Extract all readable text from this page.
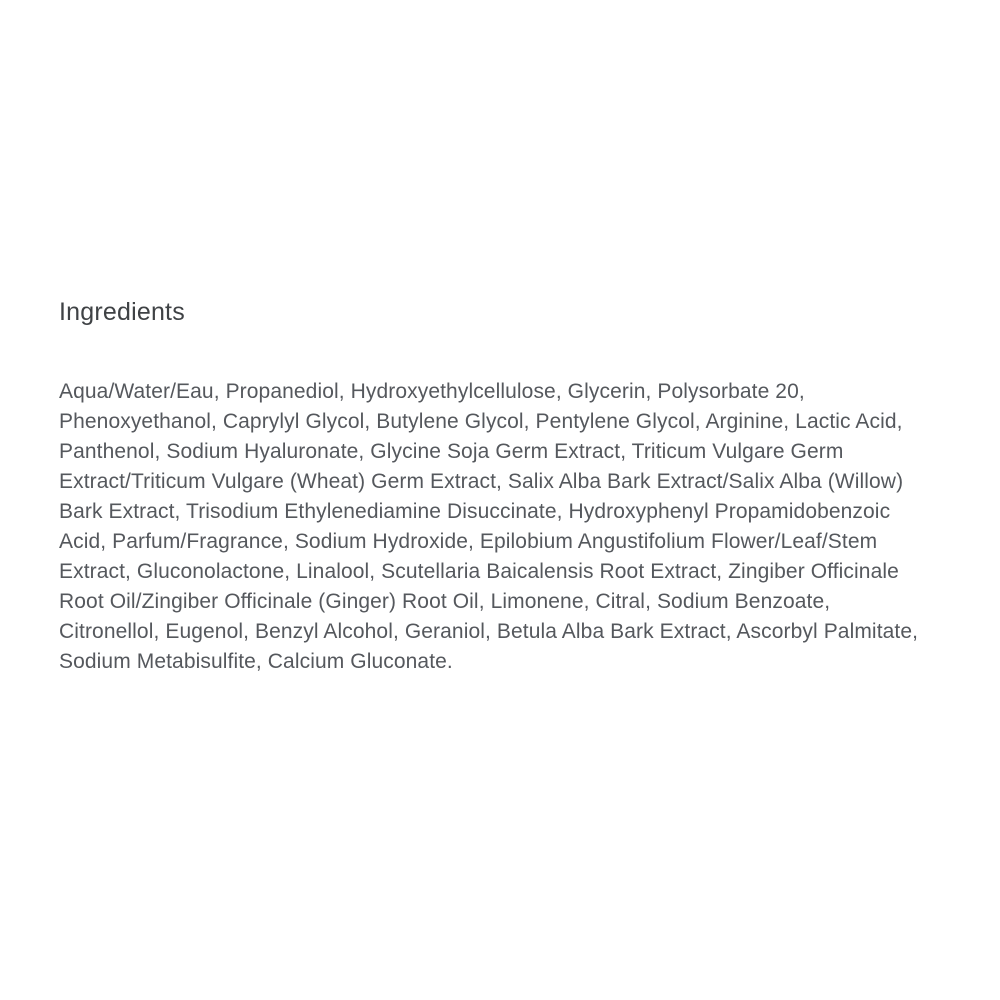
Ingredients

Aqua/Water/Eau, Propanediol, Hydroxyethylcellulose, Glycerin, Polysorbate 20, Phenoxyethanol, Caprylyl Glycol, Butylene Glycol, Pentylene Glycol, Arginine, Lactic Acid, Panthenol, Sodium Hyaluronate, Glycine Soja Germ Extract, Triticum Vulgare Germ Extract/Triticum Vulgare (Wheat) Germ Extract, Salix Alba Bark Extract/Salix Alba (Willow) Bark Extract, Trisodium Ethylenediamine Disuccinate, Hydroxyphenyl Propamidobenzoic Acid, Parfum/Fragrance, Sodium Hydroxide, Epilobium Angustifolium Flower/Leaf/Stem Extract, Gluconolactone, Linalool, Scutellaria Baicalensis Root Extract, Zingiber Officinale Root Oil/Zingiber Officinale (Ginger) Root Oil, Limonene, Citral, Sodium Benzoate, Citronellol, Eugenol, Benzyl Alcohol, Geraniol, Betula Alba Bark Extract, Ascorbyl Palmitate, Sodium Metabisulfite, Calcium Gluconate.
